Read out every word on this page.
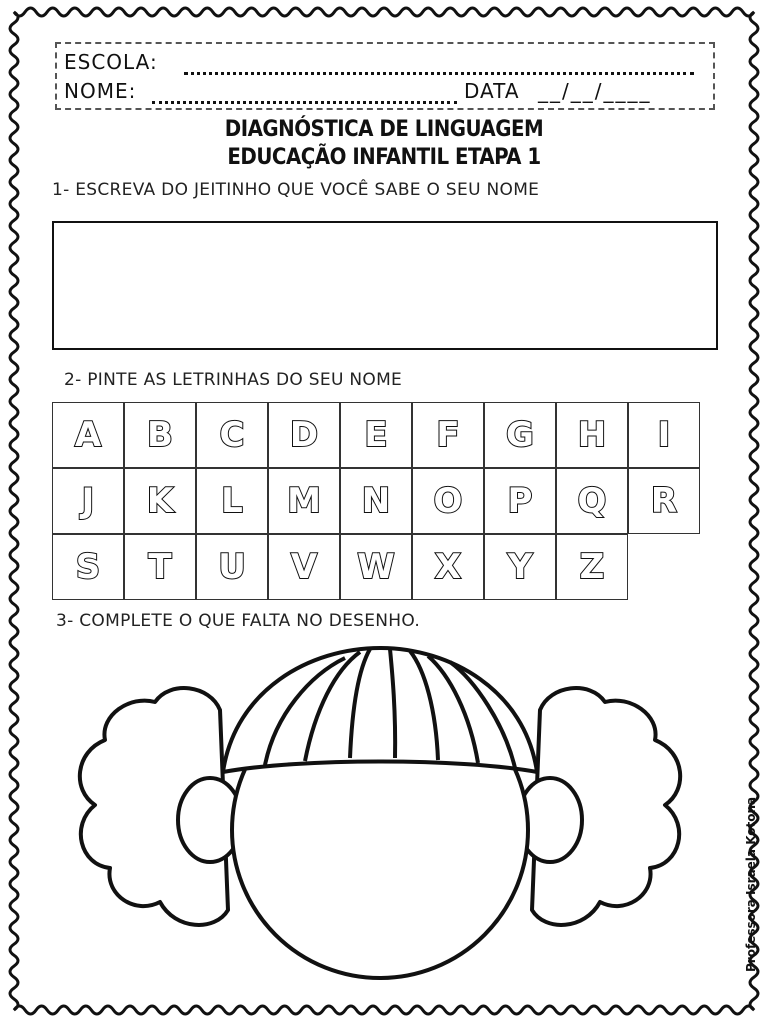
ESCOLA:
NOME:	DATA __/__/____
DIAGNÓSTICA DE LINGUAGEM
EDUCAÇÃO INFANTIL ETAPA 1
1- ESCREVA DO JEITINHO QUE VOCÊ SABE O SEU NOME
2- PINTE AS LETRINHAS DO SEU NOME
A	B	C	D	E	F	G	H	I
J	K	L	M	N	O	P	Q	R
S	T	U	V	W	X	Y	Z
3- COMPLETE O QUE FALTA NO DESENHO.
Professora Israela Kotona
